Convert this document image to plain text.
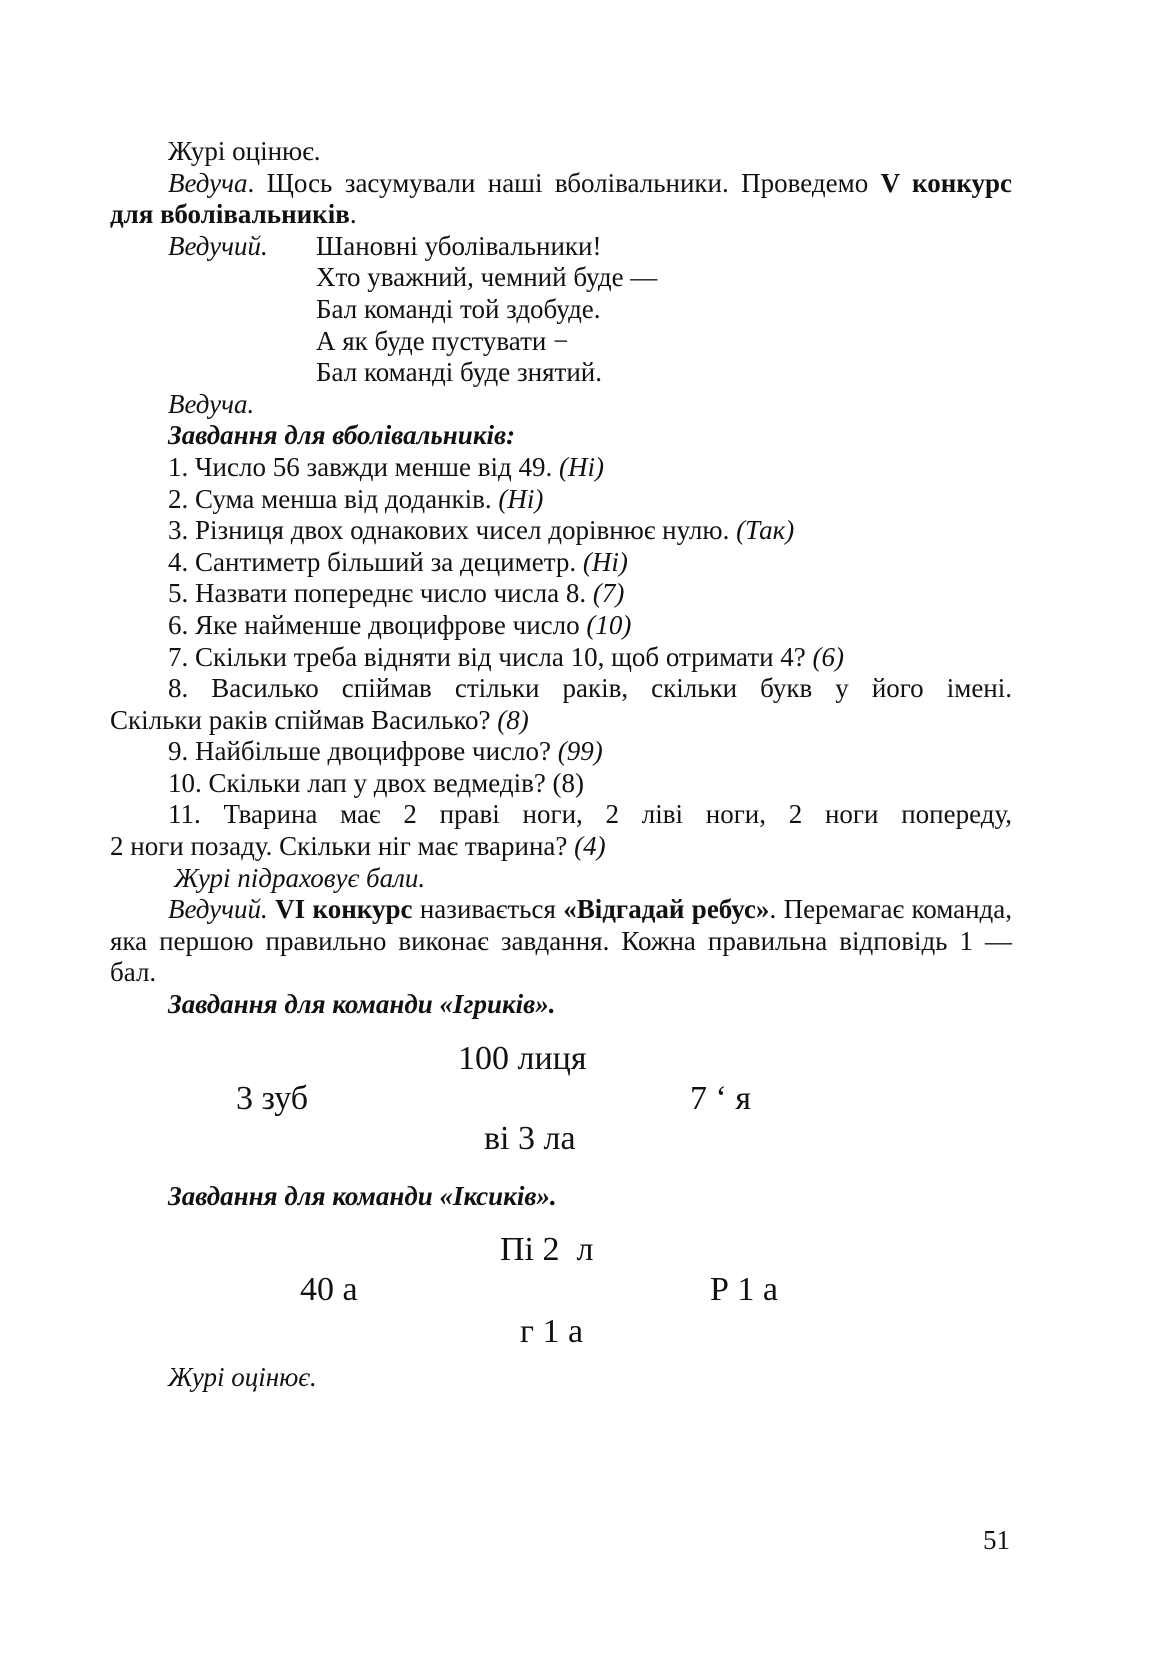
Журі оцінює.

Ведуча. Щось засумували наші вболівальники. Проведемо V конкурс для вболівальників.

Ведучий. Шановні уболівальники!
Хто уважний, чемний буде —
Бал команді той здобуде.
А як буде пустувати −
Бал команді буде знятий.

Ведуча.

Завдання для вболівальників:

1. Число 56 завжди менше від 49. (Ні)

2. Сума менша від доданків. (Ні)

3. Різниця двох однакових чисел дорівнює нулю. (Так)

4. Сантиметр більший за дециметр. (Ні)

5. Назвати попереднє число числа 8. (7)

6. Яке найменше двоцифрове число (10)

7. Скільки треба відняти від числа 10, щоб отримати 4? (6)

8. Василько спіймав стільки раків, скільки букв у його імені.

Скільки раків спіймав Василько? (8)

9. Найбільше двоцифрове число? (99)

10. Скільки лап у двох ведмедів? (8)

11. Тварина має 2 праві ноги, 2 ліві ноги, 2 ноги попереду,

2 ноги позаду. Скільки ніг має тварина? (4)

Журі підраховує бали.

Ведучий. VI конкурс називається «Відгадай ребус». Перемагає команда, яка першою правильно виконає завдання. Кожна правильна відповідь 1 — бал.

Завдання для команди «Ігриків».

100 лиця
3 зуб	7 ‘ я
ві 3 ла

Завдання для команди «Іксиків».

Пі 2  л
40 а	Р 1 а
г 1 а

Журі оцінює.

51
